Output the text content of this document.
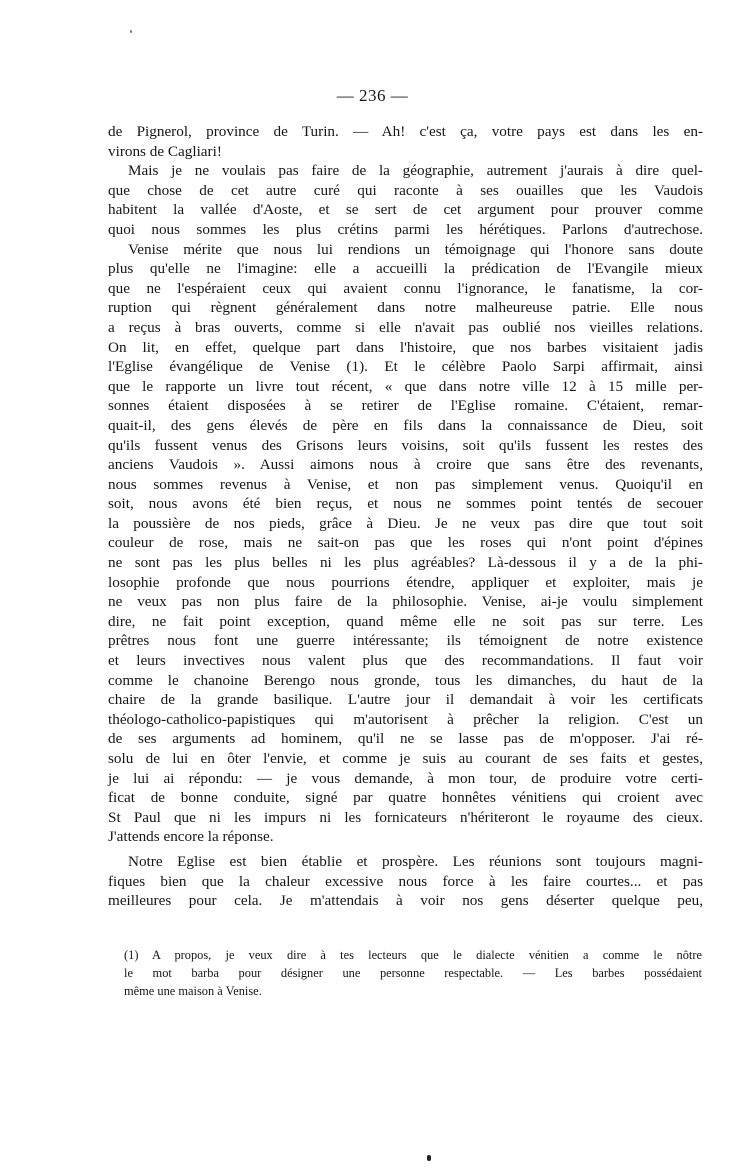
— 236 —
de Pignerol, province de Turin. — Ah! c'est ça, votre pays est dans les en-
virons de Cagliari!
Mais je ne voulais pas faire de la géographie, autrement j'aurais à dire quel-
que chose de cet autre curé qui raconte à ses ouailles que les Vaudois
habitent la vallée d'Aoste, et se sert de cet argument pour prouver comme
quoi nous sommes les plus crétins parmi les hérétiques. Parlons d'autrechose.
Venise mérite que nous lui rendions un témoignage qui l'honore sans doute
plus qu'elle ne l'imagine: elle a accueilli la prédication de l'Evangile mieux
que ne l'espéraient ceux qui avaient connu l'ignorance, le fanatisme, la cor-
ruption qui règnent généralement dans notre malheureuse patrie. Elle nous
a reçus à bras ouverts, comme si elle n'avait pas oublié nos vieilles relations.
On lit, en effet, quelque part dans l'histoire, que nos barbes visitaient jadis
l'Eglise évangélique de Venise (1). Et le célèbre Paolo Sarpi affirmait, ainsi
que le rapporte un livre tout récent, « que dans notre ville 12 à 15 mille per-
sonnes étaient disposées à se retirer de l'Eglise romaine. C'étaient, remar-
quait-il, des gens élevés de père en fils dans la connaissance de Dieu, soit
qu'ils fussent venus des Grisons leurs voisins, soit qu'ils fussent les restes des
anciens Vaudois ». Aussi aimons nous à croire que sans être des revenants,
nous sommes revenus à Venise, et non pas simplement venus. Quoiqu'il en
soit, nous avons été bien reçus, et nous ne sommes point tentés de secouer
la poussière de nos pieds, grâce à Dieu. Je ne veux pas dire que tout soit
couleur de rose, mais ne sait-on pas que les roses qui n'ont point d'épines
ne sont pas les plus belles ni les plus agréables? Là-dessous il y a de la phi-
losophie profonde que nous pourrions étendre, appliquer et exploiter, mais je
ne veux pas non plus faire de la philosophie. Venise, ai-je voulu simplement
dire, ne fait point exception, quand même elle ne soit pas sur terre. Les
prêtres nous font une guerre intéressante; ils témoignent de notre existence
et leurs invectives nous valent plus que des recommandations. Il faut voir
comme le chanoine Berengo nous gronde, tous les dimanches, du haut de la
chaire de la grande basilique. L'autre jour il demandait à voir les certificats
théologo-catholico-papistiques qui m'autorisent à prêcher la religion. C'est un
de ses arguments ad hominem, qu'il ne se lasse pas de m'opposer. J'ai ré-
solu de lui en ôter l'envie, et comme je suis au courant de ses faits et gestes,
je lui ai répondu: — je vous demande, à mon tour, de produire votre certi-
ficat de bonne conduite, signé par quatre honnêtes vénitiens qui croient avec
St Paul que ni les impurs ni les fornicateurs n'hériteront le royaume des cieux.
J'attends encore la réponse.
Notre Eglise est bien établie et prospère. Les réunions sont toujours magni-
fiques bien que la chaleur excessive nous force à les faire courtes... et pas
meilleures pour cela. Je m'attendais à voir nos gens déserter quelque peu,
(1) A propos, je veux dire à tes lecteurs que le dialecte vénitien a comme le nôtre
le mot barba pour désigner une personne respectable. — Les barbes possédaient
même une maison à Venise.
